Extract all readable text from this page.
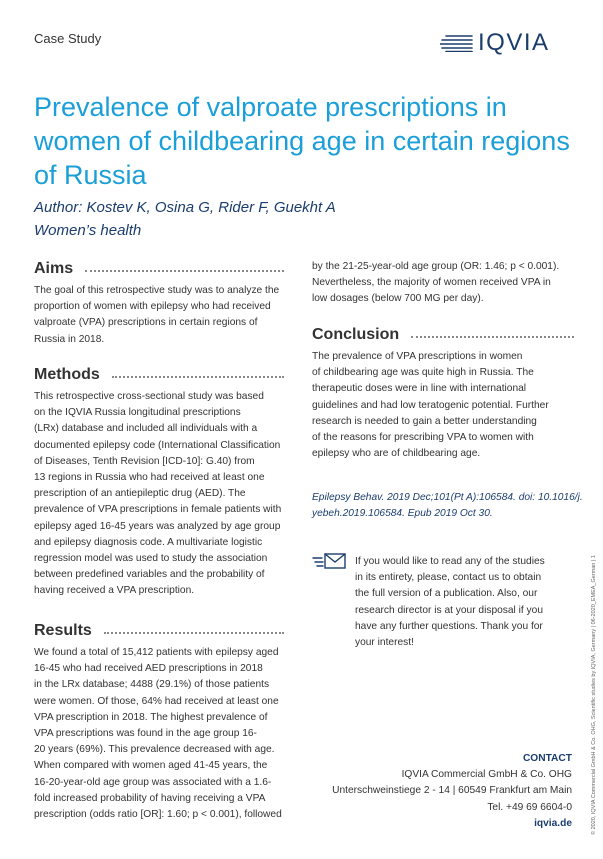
Case Study	IQVIA
Prevalence of valproate prescriptions in women of childbearing age in certain regions of Russia
Author: Kostev K, Osina G, Rider F, Guekht A
Women’s health
Aims

The goal of this retrospective study was to analyze the
proportion of women with epilepsy who had received
valproate (VPA) prescriptions in certain regions of
Russia in 2018.

Methods

This retrospective cross-sectional study was based
on the IQVIA Russia longitudinal prescriptions
(LRx) database and included all individuals with a
documented epilepsy code (International Classification
of Diseases, Tenth Revision [ICD-10]: G.40) from
13 regions in Russia who had received at least one
prescription of an antiepileptic drug (AED). The
prevalence of VPA prescriptions in female patients with
epilepsy aged 16-45 years was analyzed by age group
and epilepsy diagnosis code. A multivariate logistic
regression model was used to study the association
between predefined variables and the probability of
having received a VPA prescription.

Results

We found a total of 15,412 patients with epilepsy aged
16-45 who had received AED prescriptions in 2018
in the LRx database; 4488 (29.1%) of those patients
were women. Of those, 64% had received at least one
VPA prescription in 2018. The highest prevalence of
VPA prescriptions was found in the age group 16-
20 years (69%). This prevalence decreased with age.
When compared with women aged 41-45 years, the
16-20-year-old age group was associated with a 1.6-
fold increased probability of having receiving a VPA
prescription (odds ratio [OR]: 1.60; p < 0.001), followed

by the 21-25-year-old age group (OR: 1.46; p < 0.001).
Nevertheless, the majority of women received VPA in
low dosages (below 700 MG per day).

Conclusion

The prevalence of VPA prescriptions in women
of childbearing age was quite high in Russia. The
therapeutic doses were in line with international
guidelines and had low teratogenic potential. Further
research is needed to gain a better understanding
of the reasons for prescribing VPA to women with
epilepsy who are of childbearing age.

Epilepsy Behav. 2019 Dec;101(Pt A):106584. doi: 10.1016/j.
yebeh.2019.106584. Epub 2019 Oct 30.

If you would like to read any of the studies
in its entirety, please, contact us to obtain
the full version of a publication. Also, our
research director is at your disposal if you
have any further questions. Thank you for
your interest!

CONTACT
IQVIA Commercial GmbH & Co. OHG
Unterschweinstiege 2 - 14 | 60549 Frankfurt am Main
Tel. +49 69 6604-0
iqvia.de	© 2020, IQVIA Commercial GmbH & Co. OHG, Scientific studies by IQVIA, Germany | 06-2020_EMEA_German | 1
